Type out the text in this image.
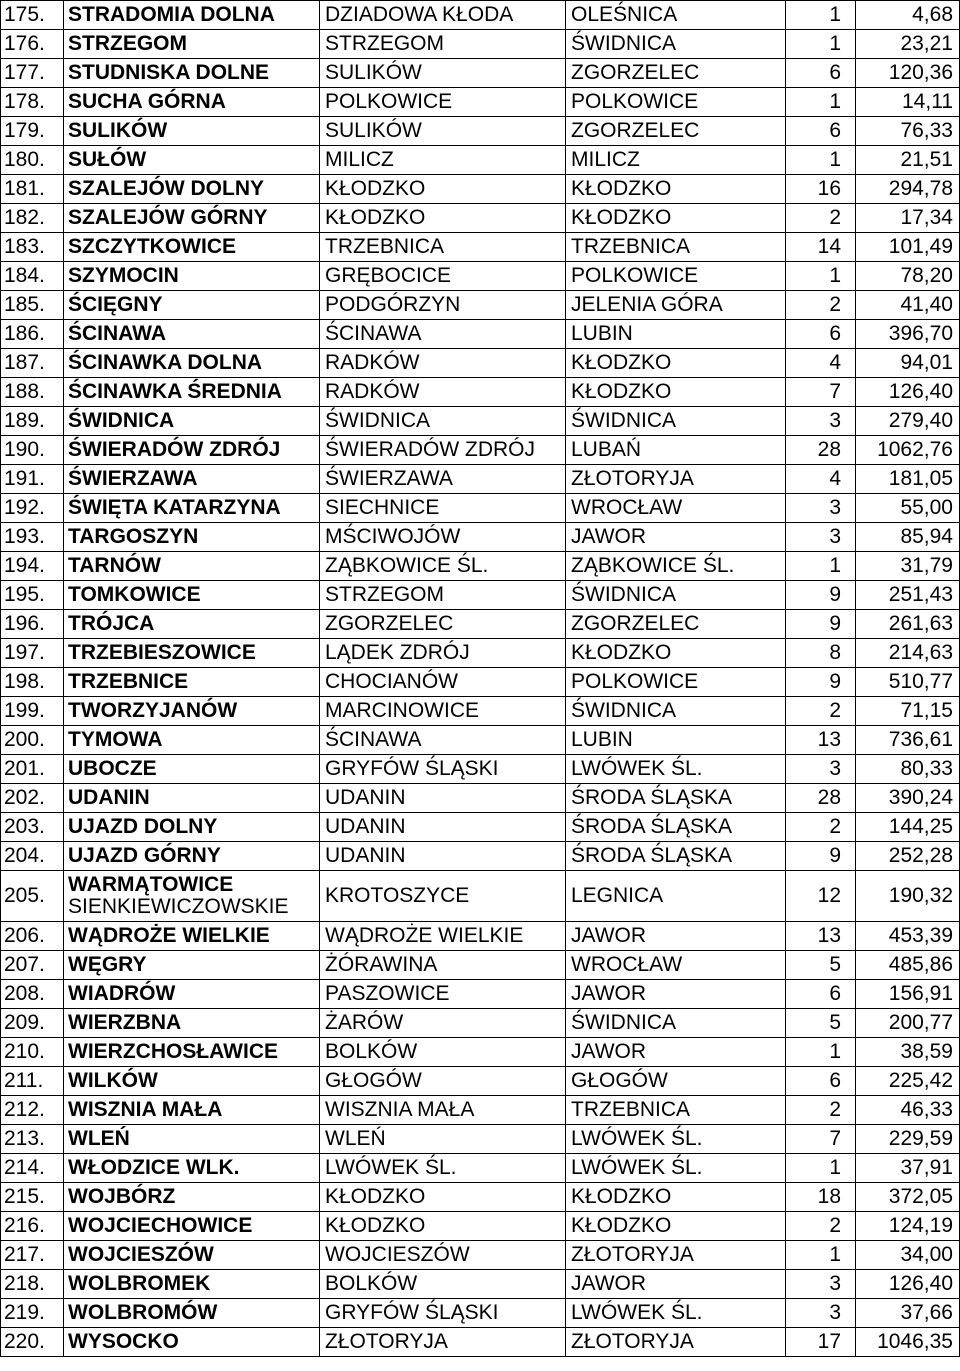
175.	STRADOMIA DOLNA	DZIADOWA KŁODA	OLEŚNICA	1	4,68
176.	STRZEGOM	STRZEGOM	ŚWIDNICA	1	23,21
177.	STUDNISKA DOLNE	SULIKÓW	ZGORZELEC	6	120,36
178.	SUCHA GÓRNA	POLKOWICE	POLKOWICE	1	14,11
179.	SULIKÓW	SULIKÓW	ZGORZELEC	6	76,33
180.	SUŁÓW	MILICZ	MILICZ	1	21,51
181.	SZALEJÓW DOLNY	KŁODZKO	KŁODZKO	16	294,78
182.	SZALEJÓW GÓRNY	KŁODZKO	KŁODZKO	2	17,34
183.	SZCZYTKOWICE	TRZEBNICA	TRZEBNICA	14	101,49
184.	SZYMOCIN	GRĘBOCICE	POLKOWICE	1	78,20
185.	ŚCIĘGNY	PODGÓRZYN	JELENIA GÓRA	2	41,40
186.	ŚCINAWA	ŚCINAWA	LUBIN	6	396,70
187.	ŚCINAWKA DOLNA	RADKÓW	KŁODZKO	4	94,01
188.	ŚCINAWKA ŚREDNIA	RADKÓW	KŁODZKO	7	126,40
189.	ŚWIDNICA	ŚWIDNICA	ŚWIDNICA	3	279,40
190.	ŚWIERADÓW ZDRÓJ	ŚWIERADÓW ZDRÓJ	LUBAŃ	28	1062,76
191.	ŚWIERZAWA	ŚWIERZAWA	ZŁOTORYJA	4	181,05
192.	ŚWIĘTA KATARZYNA	SIECHNICE	WROCŁAW	3	55,00
193.	TARGOSZYN	MŚCIWOJÓW	JAWOR	3	85,94
194.	TARNÓW	ZĄBKOWICE ŚL.	ZĄBKOWICE ŚL.	1	31,79
195.	TOMKOWICE	STRZEGOM	ŚWIDNICA	9	251,43
196.	TRÓJCA	ZGORZELEC	ZGORZELEC	9	261,63
197.	TRZEBIESZOWICE	LĄDEK ZDRÓJ	KŁODZKO	8	214,63
198.	TRZEBNICE	CHOCIANÓW	POLKOWICE	9	510,77
199.	TWORZYJANÓW	MARCINOWICE	ŚWIDNICA	2	71,15
200.	TYMOWA	ŚCINAWA	LUBIN	13	736,61
201.	UBOCZE	GRYFÓW ŚLĄSKI	LWÓWEK ŚL.	3	80,33
202.	UDANIN	UDANIN	ŚRODA ŚLĄSKA	28	390,24
203.	UJAZD DOLNY	UDANIN	ŚRODA ŚLĄSKA	2	144,25
204.	UJAZD GÓRNY	UDANIN	ŚRODA ŚLĄSKA	9	252,28
205.	WARMĄTOWICE
SIENKIEWICZOWSKIE	KROTOSZYCE	LEGNICA	12	190,32
206.	WĄDROŻE WIELKIE	WĄDROŻE WIELKIE	JAWOR	13	453,39
207.	WĘGRY	ŻÓRAWINA	WROCŁAW	5	485,86
208.	WIADRÓW	PASZOWICE	JAWOR	6	156,91
209.	WIERZBNA	ŻARÓW	ŚWIDNICA	5	200,77
210.	WIERZCHOSŁAWICE	BOLKÓW	JAWOR	1	38,59
211.	WILKÓW	GŁOGÓW	GŁOGÓW	6	225,42
212.	WISZNIA MAŁA	WISZNIA MAŁA	TRZEBNICA	2	46,33
213.	WLEŃ	WLEŃ	LWÓWEK ŚL.	7	229,59
214.	WŁODZICE WLK.	LWÓWEK ŚL.	LWÓWEK ŚL.	1	37,91
215.	WOJBÓRZ	KŁODZKO	KŁODZKO	18	372,05
216.	WOJCIECHOWICE	KŁODZKO	KŁODZKO	2	124,19
217.	WOJCIESZÓW	WOJCIESZÓW	ZŁOTORYJA	1	34,00
218.	WOLBROMEK	BOLKÓW	JAWOR	3	126,40
219.	WOLBROMÓW	GRYFÓW ŚLĄSKI	LWÓWEK ŚL.	3	37,66
220.	WYSOCKO	ZŁOTORYJA	ZŁOTORYJA	17	1046,35
